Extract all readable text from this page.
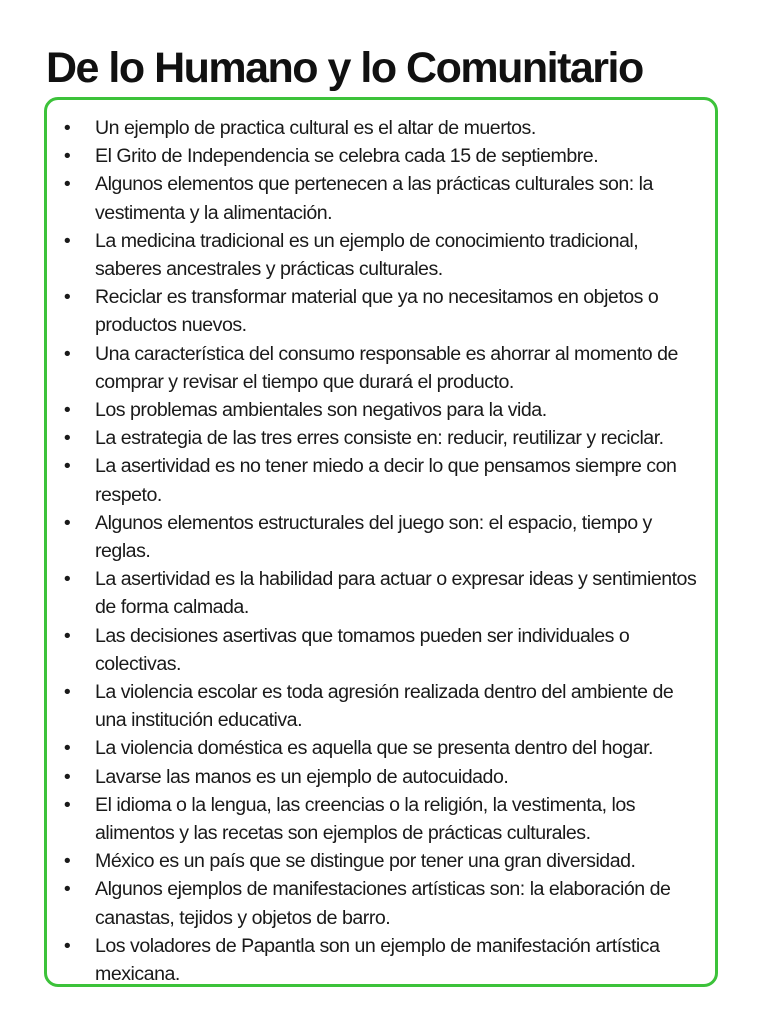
De lo Humano y lo Comunitario
• Un ejemplo de practica cultural es el altar de muertos.
• El Grito de Independencia se celebra cada 15 de septiembre.
• Algunos elementos que pertenecen a las prácticas culturales son: la vestimenta y la alimentación.
• La medicina tradicional es un ejemplo de conocimiento tradicional, saberes ancestrales y prácticas culturales.
• Reciclar es transformar material que ya no necesitamos en objetos o productos nuevos.
• Una característica del consumo responsable es ahorrar al momento de comprar y revisar el tiempo que durará el producto.
• Los problemas ambientales son negativos para la vida.
• La estrategia de las tres erres consiste en: reducir, reutilizar y reciclar.
• La asertividad es no tener miedo a decir lo que pensamos siempre con respeto.
• Algunos elementos estructurales del juego son: el espacio, tiempo y reglas.
• La asertividad es la habilidad para actuar o expresar ideas y sentimientos de forma calmada.
• Las decisiones asertivas que tomamos pueden ser individuales o colectivas.
• La violencia escolar es toda agresión realizada dentro del ambiente de una institución educativa.
• La violencia doméstica es aquella que se presenta dentro del hogar.
• Lavarse las manos es un ejemplo de autocuidado.
• El idioma o la lengua, las creencias o la religión, la vestimenta, los alimentos y las recetas son ejemplos de prácticas culturales.
• México es un país que se distingue por tener una gran diversidad.
• Algunos ejemplos de manifestaciones artísticas son: la elaboración de canastas, tejidos y objetos de barro.
• Los voladores de Papantla son un ejemplo de manifestación artística mexicana.
